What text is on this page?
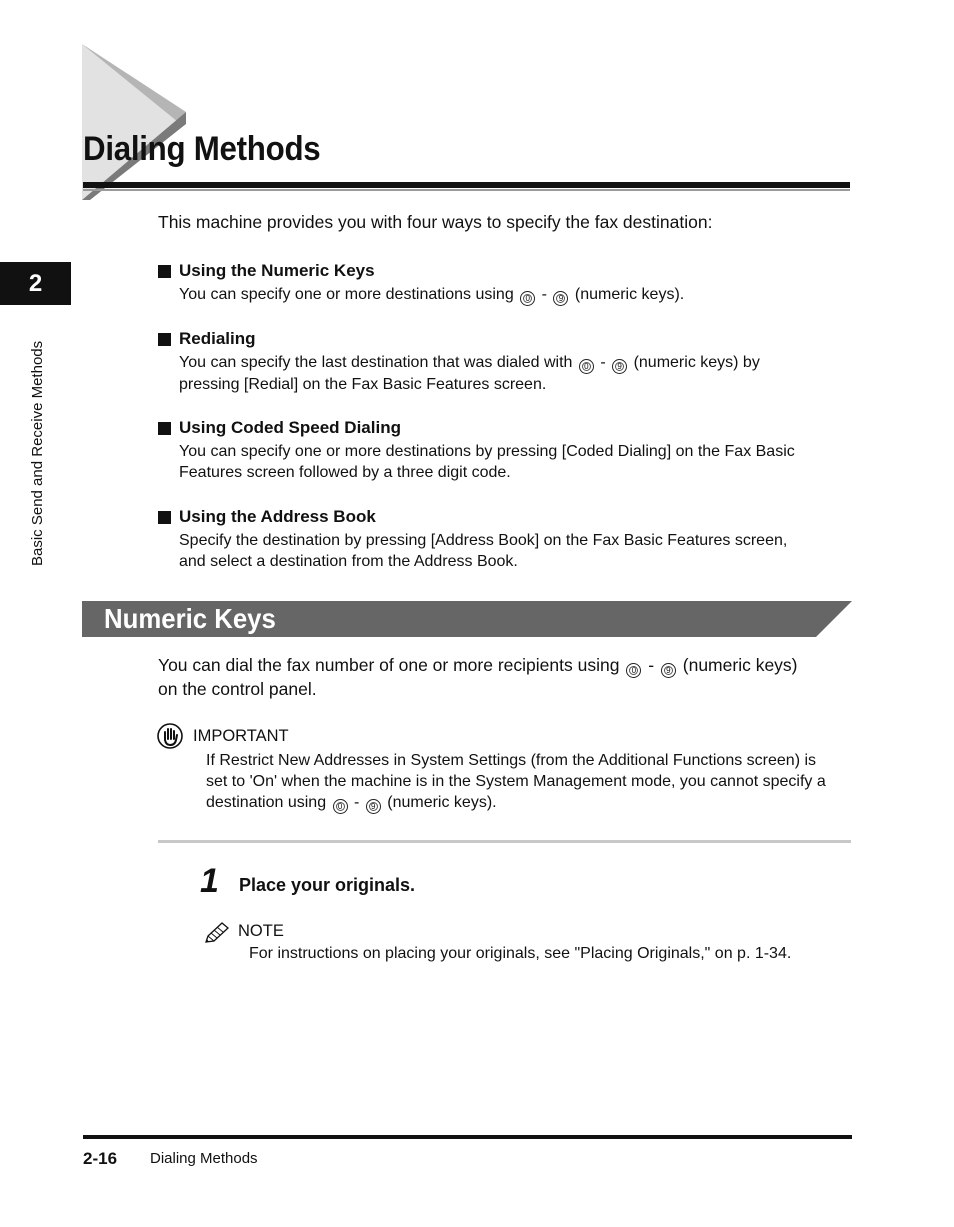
Dialing Methods
2
Basic Send and Receive Methods
This machine provides you with four ways to specify the fax destination:
Using the Numeric Keys
You can specify one or more destinations using 0 - 9 (numeric keys).
Redialing
You can specify the last destination that was dialed with 0 - 9 (numeric keys) by
pressing [Redial] on the Fax Basic Features screen.
Using Coded Speed Dialing
You can specify one or more destinations by pressing [Coded Dialing] on the Fax Basic
Features screen followed by a three digit code.
Using the Address Book
Specify the destination by pressing [Address Book] on the Fax Basic Features screen,
and select a destination from the Address Book.
Numeric Keys
You can dial the fax number of one or more recipients using 0 - 9 (numeric keys)
on the control panel.
IMPORTANT
If Restrict New Addresses in System Settings (from the Additional Functions screen) is
set to 'On' when the machine is in the System Management mode, you cannot specify a
destination using 0 - 9 (numeric keys).
1 Place your originals.
NOTE
For instructions on placing your originals, see "Placing Originals," on p. 1-34.
2-16 Dialing Methods
